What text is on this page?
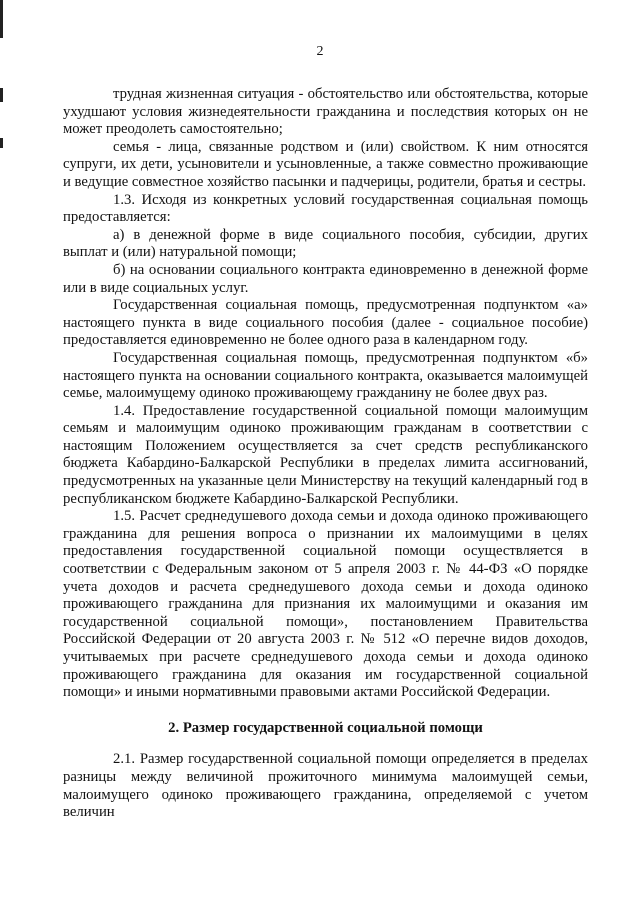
2

трудная жизненная ситуация - обстоятельство или обстоятельства, которые ухудшают условия жизнедеятельности гражданина и последствия которых он не может преодолеть самостоятельно;

семья - лица, связанные родством и (или) свойством. К ним относятся супруги, их дети, усыновители и усыновленные, а также совместно проживающие и ведущие совместное хозяйство пасынки и падчерицы, родители, братья и сестры.

1.3. Исходя из конкретных условий государственная социальная помощь предоставляется:

а) в денежной форме в виде социального пособия, субсидии, других выплат и (или) натуральной помощи;

б) на основании социального контракта единовременно в денежной форме или в виде социальных услуг.

Государственная социальная помощь, предусмотренная подпунктом «а» настоящего пункта в виде социального пособия (далее - социальное пособие) предоставляется единовременно не более одного раза в календарном году.

Государственная социальная помощь, предусмотренная подпунктом «б» настоящего пункта на основании социального контракта, оказывается малоимущей семье, малоимущему одиноко проживающему гражданину не более двух раз.

1.4. Предоставление государственной социальной помощи малоимущим семьям и малоимущим одиноко проживающим гражданам в соответствии с настоящим Положением осуществляется за счет средств республиканского бюджета Кабардино-Балкарской Республики в пределах лимита ассигнований, предусмотренных на указанные цели Министерству на текущий календарный год в республиканском бюджете Кабардино-Балкарской Республики.

1.5. Расчет среднедушевого дохода семьи и дохода одиноко проживающего гражданина для решения вопроса о признании их малоимущими в целях предоставления государственной социальной помощи осуществляется в соответствии с Федеральным законом от 5 апреля 2003 г. № 44-ФЗ «О порядке учета доходов и расчета среднедушевого дохода семьи и дохода одиноко проживающего гражданина для признания их малоимущими и оказания им государственной социальной помощи», постановлением Правительства Российской Федерации от 20 августа 2003 г. № 512 «О перечне видов доходов, учитываемых при расчете среднедушевого дохода семьи и дохода одиноко проживающего гражданина для оказания им государственной социальной помощи» и иными нормативными правовыми актами Российской Федерации.

2. Размер государственной социальной помощи

2.1. Размер государственной социальной помощи определяется в пределах разницы между величиной прожиточного минимума малоимущей семьи, малоимущего одиноко проживающего гражданина, определяемой с учетом величин
